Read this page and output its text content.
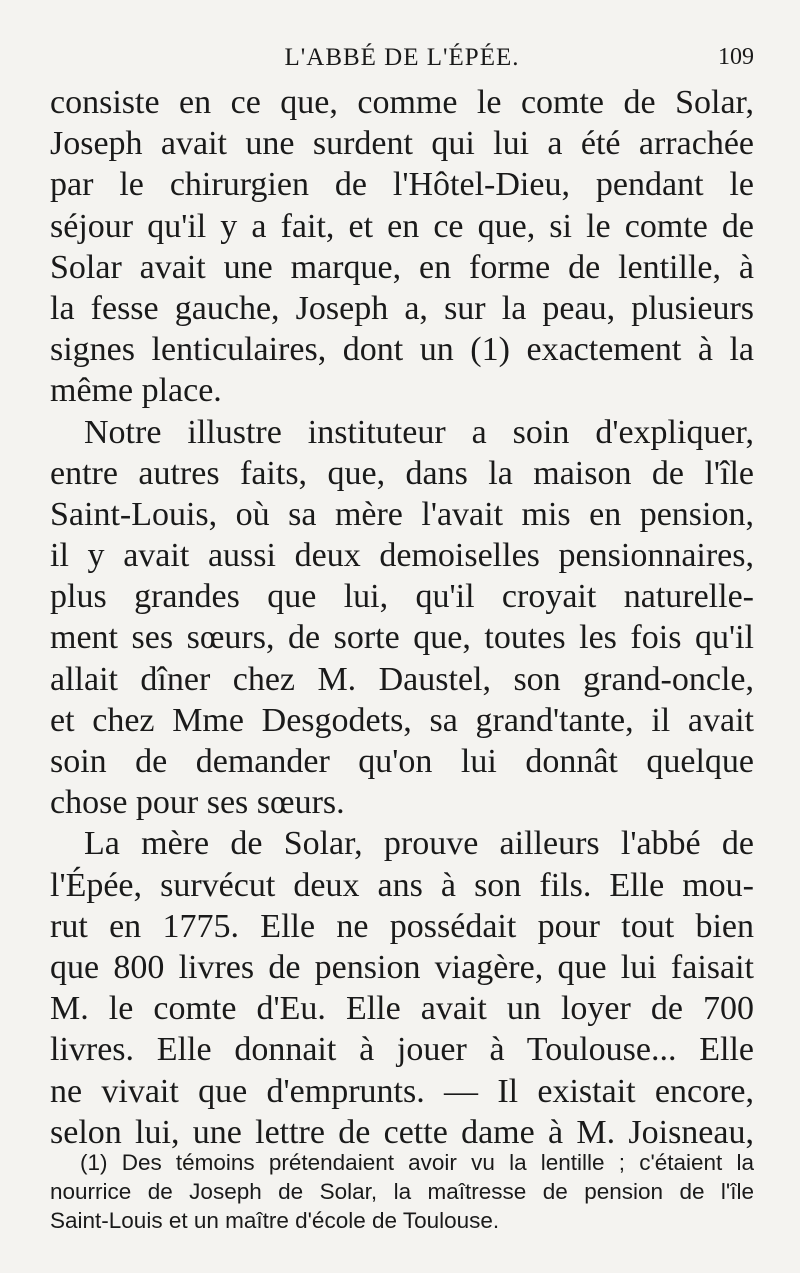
L'ABBÉ DE L'ÉPÉE.	109
consiste en ce que, comme le comte de Solar,
Joseph avait une surdent qui lui a été arrachée
par le chirurgien de l'Hôtel-Dieu, pendant le
séjour qu'il y a fait, et en ce que, si le comte de
Solar avait une marque, en forme de lentille, à
la fesse gauche, Joseph a, sur la peau, plusieurs
signes lenticulaires, dont un (1) exactement à la
même place.
Notre illustre instituteur a soin d'expliquer,
entre autres faits, que, dans la maison de l'île
Saint-Louis, où sa mère l'avait mis en pension,
il y avait aussi deux demoiselles pensionnaires,
plus grandes que lui, qu'il croyait naturelle-
ment ses sœurs, de sorte que, toutes les fois qu'il
allait dîner chez M. Daustel, son grand-oncle,
et chez Mme Desgodets, sa grand'tante, il avait
soin de demander qu'on lui donnât quelque
chose pour ses sœurs.
La mère de Solar, prouve ailleurs l'abbé de
l'Épée, survécut deux ans à son fils. Elle mou-
rut en 1775. Elle ne possédait pour tout bien
que 800 livres de pension viagère, que lui faisait
M. le comte d'Eu. Elle avait un loyer de 700
livres. Elle donnait à jouer à Toulouse... Elle
ne vivait que d'emprunts. — Il existait encore,
selon lui, une lettre de cette dame à M. Joisneau,
(1) Des témoins prétendaient avoir vu la lentille ; c'étaient la
nourrice de Joseph de Solar, la maîtresse de pension de l'île
Saint-Louis et un maître d'école de Toulouse.
